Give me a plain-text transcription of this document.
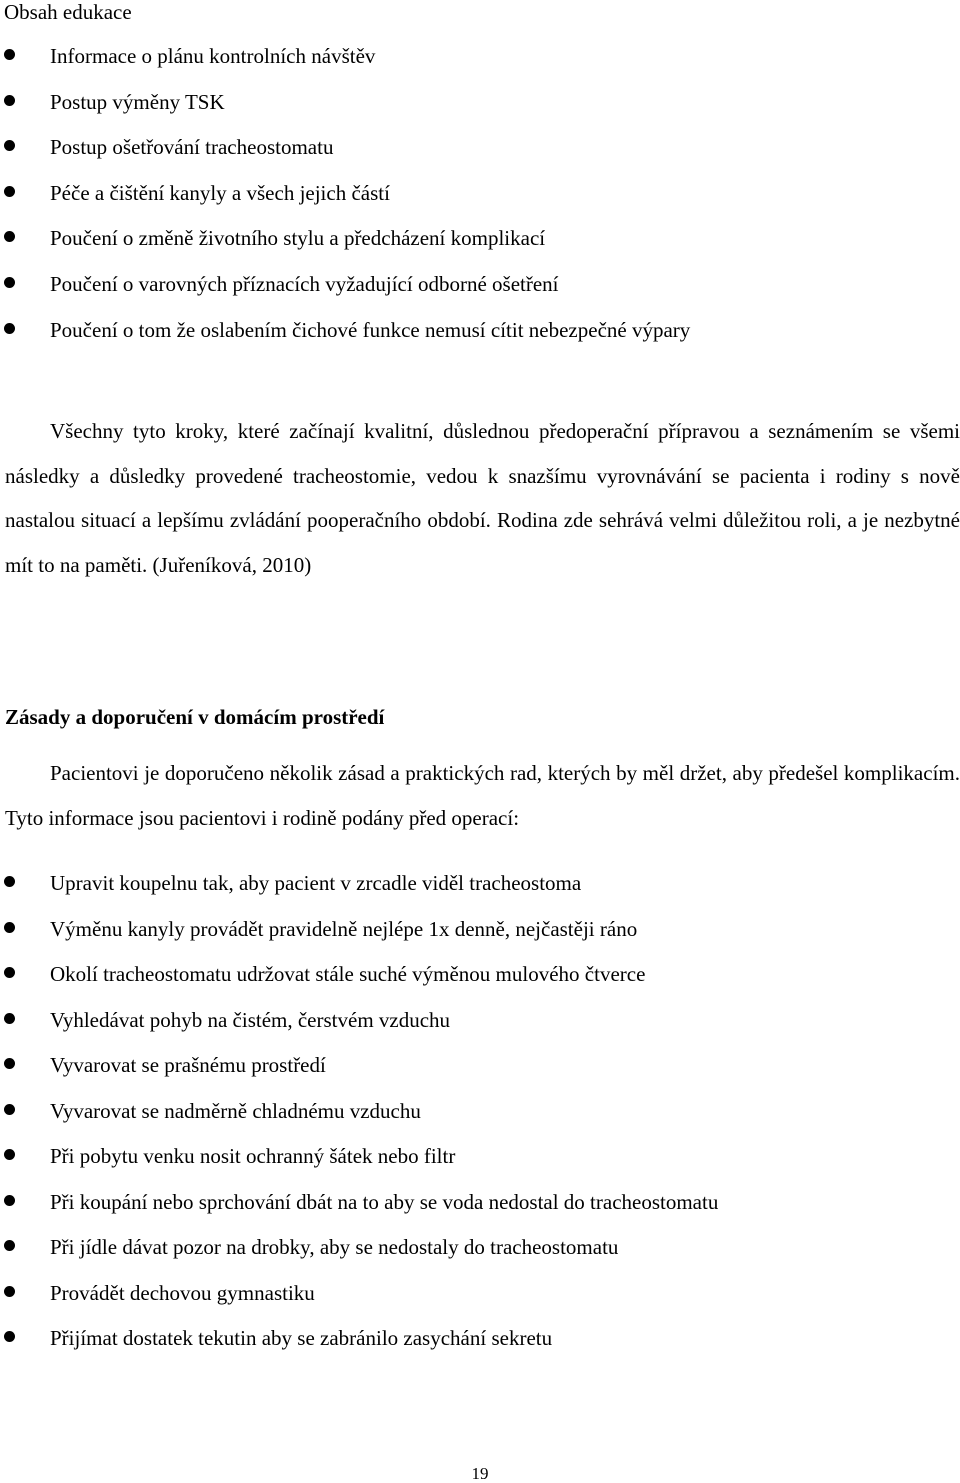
Obsah edukace
Informace o plánu kontrolních návštěv
Postup výměny TSK
Postup ošetřování tracheostomatu
Péče a čištění kanyly a všech jejich částí
Poučení o změně životního stylu a předcházení komplikací
Poučení o varovných příznacích vyžadující odborné ošetření
Poučení o tom že oslabením čichové funkce nemusí cítit nebezpečné výpary

Všechny tyto kroky, které začínají kvalitní, důslednou předoperační přípravou a seznámením se všemi následky a důsledky provedené tracheostomie, vedou k snazšímu vyrovnávání se pacienta i rodiny s nově nastalou situací a lepšímu zvládání pooperačního období. Rodina zde sehrává velmi důležitou roli, a je nezbytné mít to na paměti. (Juřeníková, 2010)

Zásady a doporučení v domácím prostředí

Pacientovi je doporučeno několik zásad a praktických rad, kterých by měl držet, aby předešel komplikacím. Tyto informace jsou pacientovi i rodině podány před operací:

Upravit koupelnu tak, aby pacient v zrcadle viděl tracheostoma
Výměnu kanyly provádět pravidelně nejlépe 1x denně, nejčastěji ráno
Okolí tracheostomatu udržovat stále suché výměnou mulového čtverce
Vyhledávat pohyb na čistém, čerstvém vzduchu
Vyvarovat se prašnému prostředí
Vyvarovat se nadměrně chladnému vzduchu
Při pobytu venku nosit ochranný šátek nebo filtr
Při koupání nebo sprchování dbát na to aby se voda nedostal do tracheostomatu
Při jídle dávat pozor na drobky, aby se nedostaly do tracheostomatu
Provádět dechovou gymnastiku
Přijímat dostatek tekutin aby se zabránilo zasychání sekretu
19
